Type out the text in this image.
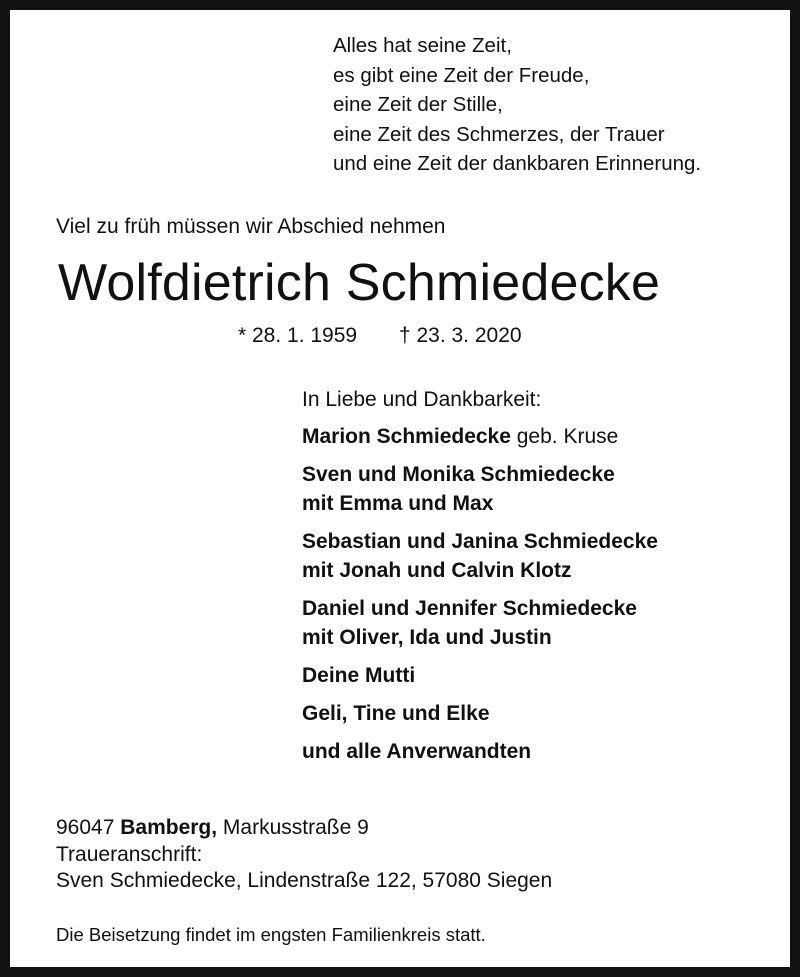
Alles hat seine Zeit,
es gibt eine Zeit der Freude,
eine Zeit der Stille,
eine Zeit des Schmerzes, der Trauer
und eine Zeit der dankbaren Erinnerung.
Viel zu früh müssen wir Abschied nehmen
Wolfdietrich Schmiedecke
* 28. 1. 1959 † 23. 3. 2020
In Liebe und Dankbarkeit:
Marion Schmiedecke geb. Kruse
Sven und Monika Schmiedecke
mit Emma und Max
Sebastian und Janina Schmiedecke
mit Jonah und Calvin Klotz
Daniel und Jennifer Schmiedecke
mit Oliver, Ida und Justin
Deine Mutti
Geli, Tine und Elke
und alle Anverwandten
96047 Bamberg, Markusstraße 9
Traueranschrift:
Sven Schmiedecke, Lindenstraße 122, 57080 Siegen
Die Beisetzung findet im engsten Familienkreis statt.
